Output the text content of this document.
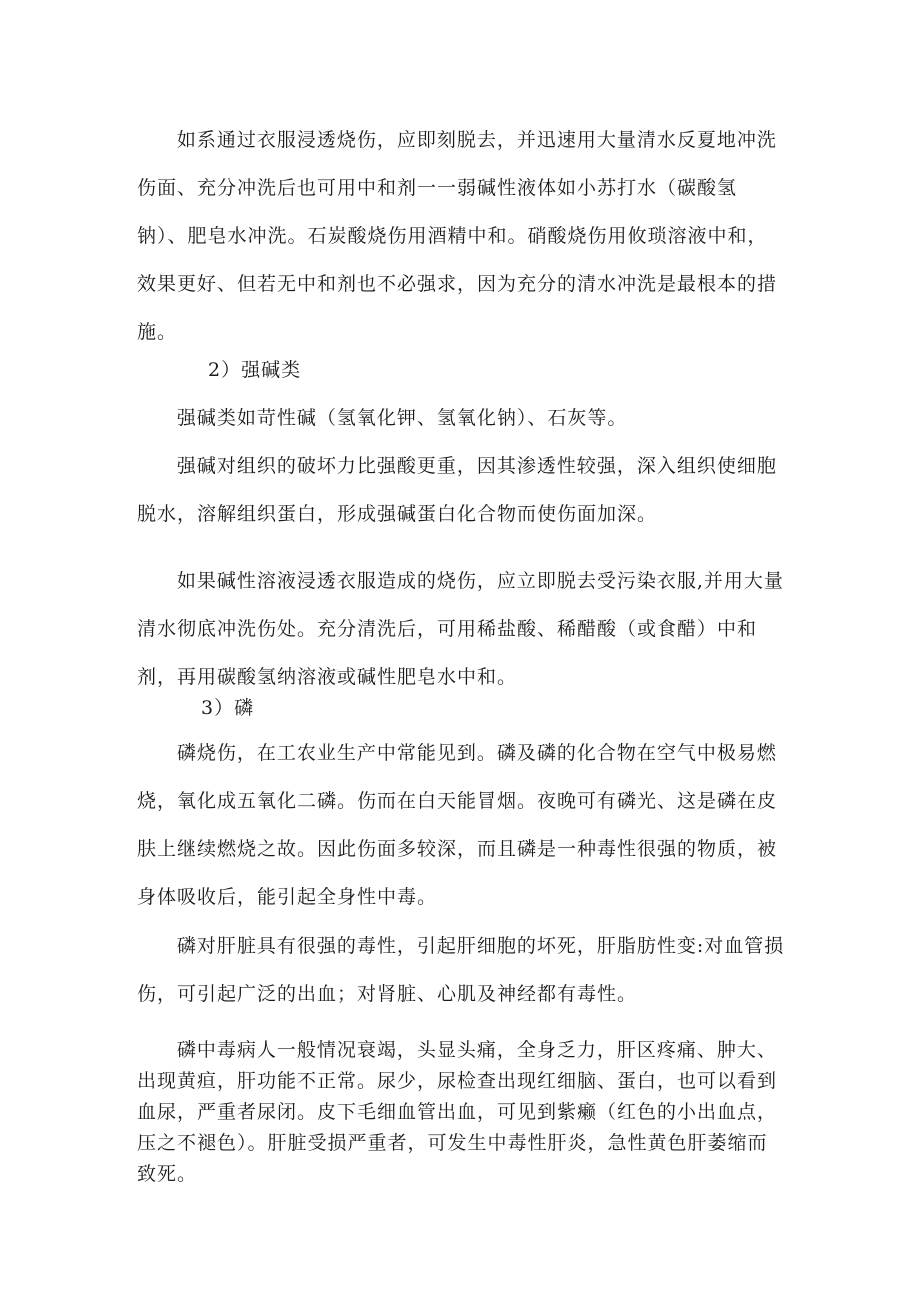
如系通过衣服浸透烧伤，应即刻脱去，并迅速用大量清水反夏地冲洗伤面、充分冲洗后也可用中和剂一一弱碱性液体如小苏打水（碳酸氢钠）、肥皂水冲洗。石炭酸烧伤用酒精中和。硝酸烧伤用攸琐溶液中和，效果更好、但若无中和剂也不必强求，因为充分的清水冲洗是最根本的措施。

2）强碱类

强碱类如苛性碱（氢氧化钾、氢氧化钠）、石灰等。

强碱对组织的破坏力比强酸更重，因其渗透性较强，深入组织使细胞脱水，溶解组织蛋白，形成强碱蛋白化合物而使伤面加深。

如果碱性溶液浸透衣服造成的烧伤，应立即脱去受污染衣服,并用大量清水彻底冲洗伤处。充分清洗后，可用稀盐酸、稀醋酸（或食醋）中和剂，再用碳酸氢纳溶液或碱性肥皂水中和。

3）磷

磷烧伤，在工农业生产中常能见到。磷及磷的化合物在空气中极易燃烧，氧化成五氧化二磷。伤而在白天能冒烟。夜晚可有磷光、这是磷在皮肤上继续燃烧之故。因此伤面多较深，而且磷是一种毒性很强的物质，被身体吸收后，能引起全身性中毒。

磷对肝脏具有很强的毒性，引起肝细胞的坏死，肝脂肪性变:对血管损伤，可引起广泛的出血；对肾脏、心肌及神经都有毒性。

磷中毒病人一般情况衰竭，头显头痛，全身乏力，肝区疼痛、肿大、出现黄疸，肝功能不正常。尿少，尿检查出现红细脑、蛋白，也可以看到血尿，严重者尿闭。皮下毛细血管出血，可见到紫癞（红色的小出血点，压之不褪色）。肝脏受损严重者，可发生中毒性肝炎，急性黄色肝萎缩而致死。
